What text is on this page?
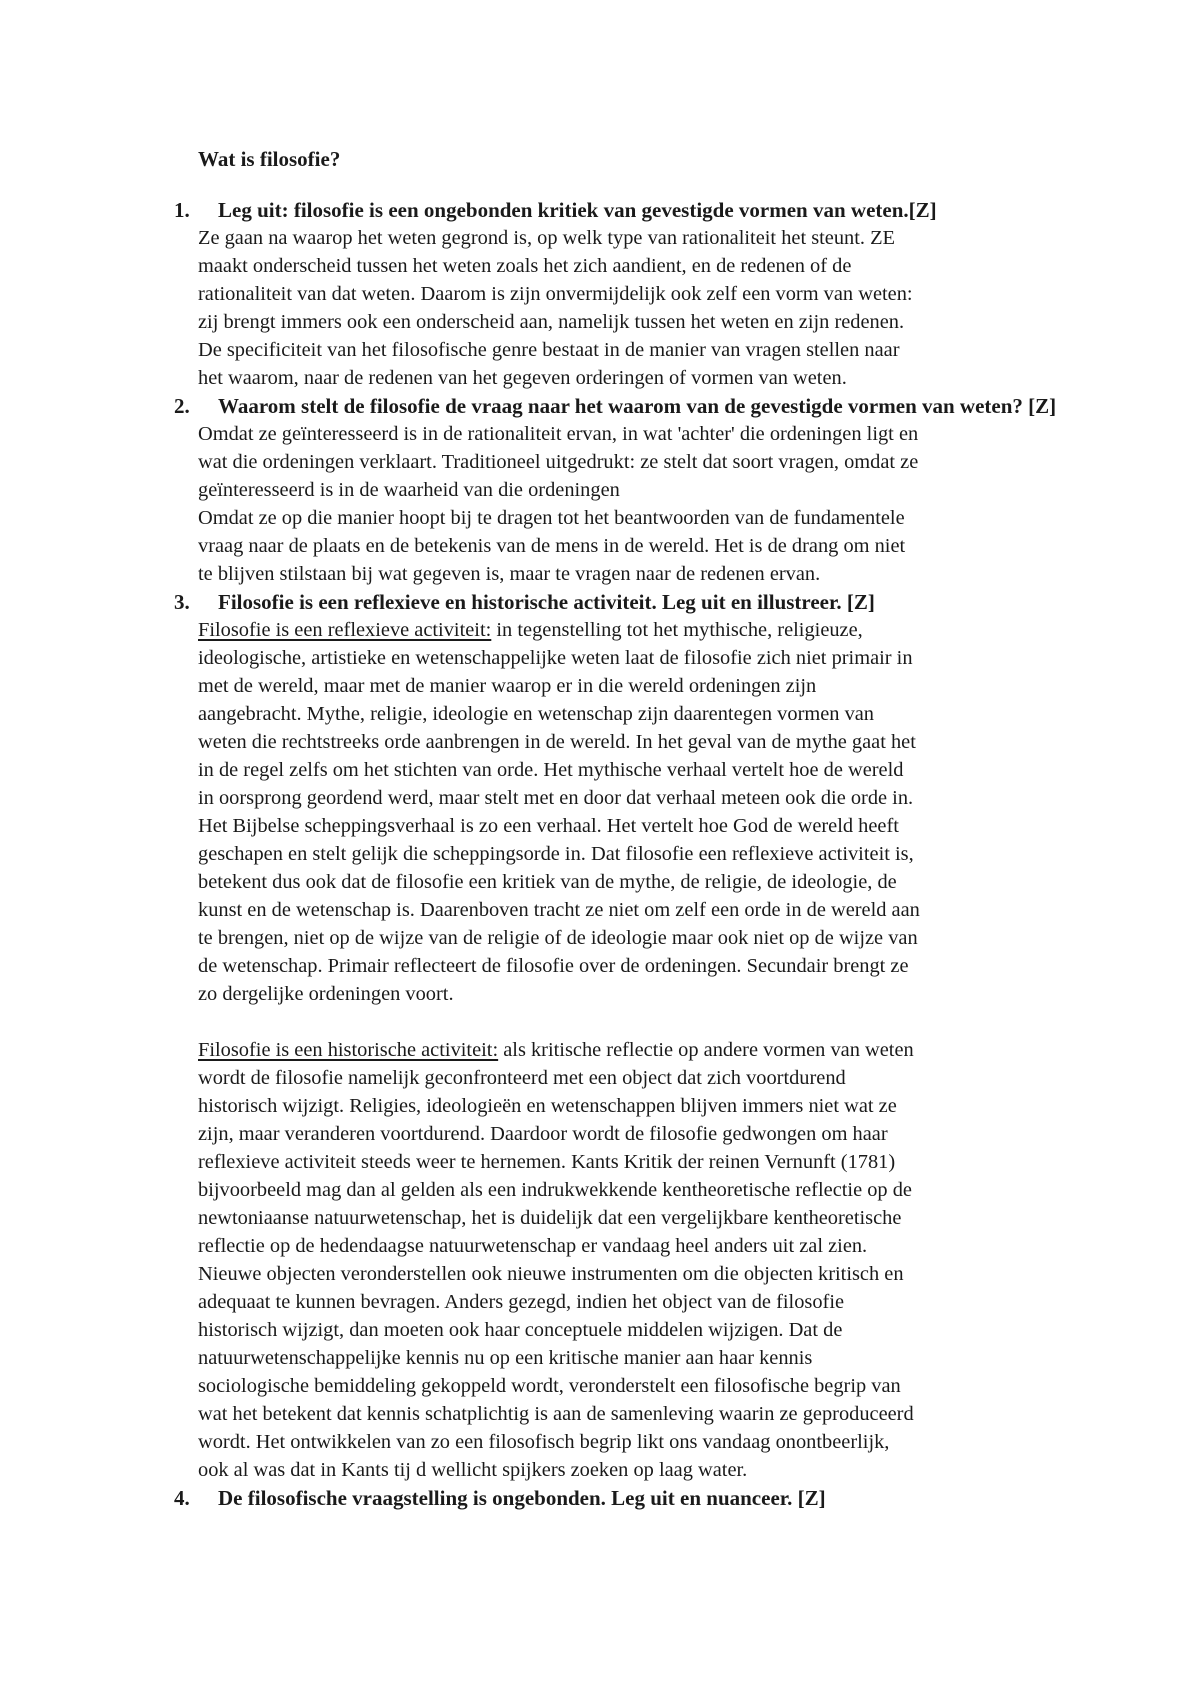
Wat is filosofie?
1. Leg uit: filosofie is een ongebonden kritiek van gevestigde vormen van weten.[Z]
Ze gaan na waarop het weten gegrond is, op welk type van rationaliteit het steunt. ZE
maakt onderscheid tussen het weten zoals het zich aandient, en de redenen of de
rationaliteit van dat weten. Daarom is zijn onvermijdelijk ook zelf een vorm van weten:
zij brengt immers ook een onderscheid aan, namelijk tussen het weten en zijn redenen.
De specificiteit van het filosofische genre bestaat in de manier van vragen stellen naar
het waarom, naar de redenen van het gegeven orderingen of vormen van weten.
2. Waarom stelt de filosofie de vraag naar het waarom van de gevestigde vormen van weten? [Z]
Omdat ze geïnteresseerd is in de rationaliteit ervan, in wat 'achter' die ordeningen ligt en
wat die ordeningen verklaart. Traditioneel uitgedrukt: ze stelt dat soort vragen, omdat ze
geïnteresseerd is in de waarheid van die ordeningen
Omdat ze op die manier hoopt bij te dragen tot het beantwoorden van de fundamentele
vraag naar de plaats en de betekenis van de mens in de wereld. Het is de drang om niet
te blijven stilstaan bij wat gegeven is, maar te vragen naar de redenen ervan.
3. Filosofie is een reflexieve en historische activiteit. Leg uit en illustreer. [Z]
Filosofie is een reflexieve activiteit: in tegenstelling tot het mythische, religieuze,
ideologische, artistieke en wetenschappelijke weten laat de filosofie zich niet primair in
met de wereld, maar met de manier waarop er in die wereld ordeningen zijn
aangebracht. Mythe, religie, ideologie en wetenschap zijn daarentegen vormen van
weten die rechtstreeks orde aanbrengen in de wereld. In het geval van de mythe gaat het
in de regel zelfs om het stichten van orde. Het mythische verhaal vertelt hoe de wereld
in oorsprong geordend werd, maar stelt met en door dat verhaal meteen ook die orde in.
Het Bijbelse scheppingsverhaal is zo een verhaal. Het vertelt hoe God de wereld heeft
geschapen en stelt gelijk die scheppingsorde in. Dat filosofie een reflexieve activiteit is,
betekent dus ook dat de filosofie een kritiek van de mythe, de religie, de ideologie, de
kunst en de wetenschap is. Daarenboven tracht ze niet om zelf een orde in de wereld aan
te brengen, niet op de wijze van de religie of de ideologie maar ook niet op de wijze van
de wetenschap. Primair reflecteert de filosofie over de ordeningen. Secundair brengt ze
zo dergelijke ordeningen voort.
Filosofie is een historische activiteit: als kritische reflectie op andere vormen van weten
wordt de filosofie namelijk geconfronteerd met een object dat zich voortdurend
historisch wijzigt. Religies, ideologieën en wetenschappen blijven immers niet wat ze
zijn, maar veranderen voortdurend. Daardoor wordt de filosofie gedwongen om haar
reflexieve activiteit steeds weer te hernemen. Kants Kritik der reinen Vernunft (1781)
bijvoorbeeld mag dan al gelden als een indrukwekkende kentheoretische reflectie op de
newtoniaanse natuurwetenschap, het is duidelijk dat een vergelijkbare kentheoretische
reflectie op de hedendaagse natuurwetenschap er vandaag heel anders uit zal zien.
Nieuwe objecten veronderstellen ook nieuwe instrumenten om die objecten kritisch en
adequaat te kunnen bevragen. Anders gezegd, indien het object van de filosofie
historisch wijzigt, dan moeten ook haar conceptuele middelen wijzigen. Dat de
natuurwetenschappelijke kennis nu op een kritische manier aan haar kennis
sociologische bemiddeling gekoppeld wordt, veronderstelt een filosofische begrip van
wat het betekent dat kennis schatplichtig is aan de samenleving waarin ze geproduceerd
wordt. Het ontwikkelen van zo een filosofisch begrip likt ons vandaag onontbeerlijk,
ook al was dat in Kants tij d wellicht spijkers zoeken op laag water.
4. De filosofische vraagstelling is ongebonden. Leg uit en nuanceer. [Z]
